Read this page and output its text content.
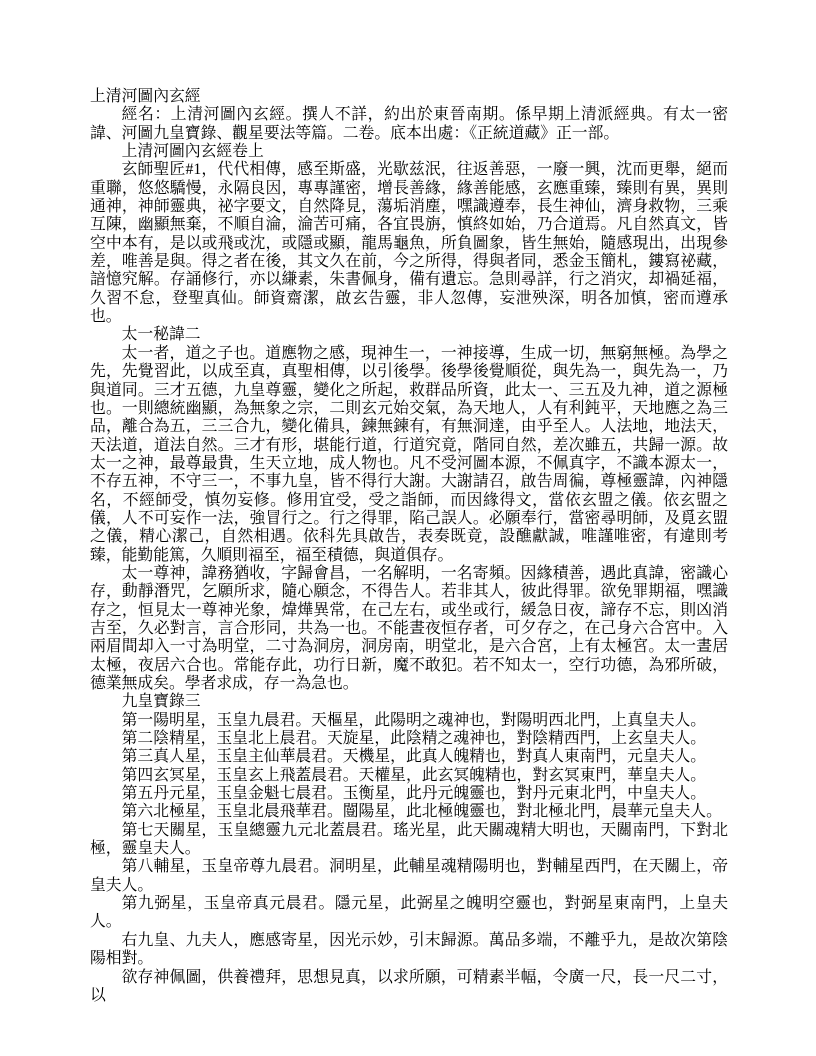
上清河圖內玄經

經名：上清河圖內玄經。撰人不詳，約出於東晉南期。係早期上清派經典。有太一密諱、河圖九皇寶錄、觀星要法等篇。二卷。底本出處：《正統道藏》正一部。

上清河圖內玄經卷上

玄師聖匠#1，代代相傳，感至斯盛，光歇兹泯，往返善惡，一廢一興，沈而更舉，絕而重聯，悠悠驕慢，永隔良因，專專謹密，增長善緣，緣善能感，玄應重臻，臻則有異，異則通神，神師靈典，祕字要文，自然降見，蕩垢消塵，嘿識遵奉，長生神仙，濟身救物，三乘互陳，幽顯無棄，不順自淪，淪苦可痛，各宜畏旃，慎終如始，乃合道焉。凡自然真文，皆空中本有，是以或飛或沈，或隱或顯，龍馬龜魚，所負圖象，皆生無始，隨感現出，出現參差，唯善是與。得之者在後，其文久在前，今之所得，得與者同，悉金玉簡札，鏤寫祕藏，諳憶究解。存誦修行，亦以縑素，朱書佩身，備有遺忘。急則尋詳，行之消灾，却禍延福，久習不怠，登聖真仙。師資齋潔，啟玄告靈，非人忽傳，妄泄殃深，明各加慎，密而遵承也。

太一秘諱二

太一者，道之子也。道應物之感，現神生一，一神接導，生成一切，無窮無極。為學之先，先覺習此，以成至真，真聖相傳，以引後學。後學後覺順從，與先為一，與先為一，乃與道同。三才五德，九皇尊靈，變化之所起，救群品所資，此太一、三五及九神，道之源極也。一則總統幽顯，為無象之宗，二則玄元始交氣，為天地人，人有利鈍平，天地應之為三品，離合為五，三三合九，變化備具，鍊無鍊有，有無洞達，由乎至人。人法地，地法天，天法道，道法自然。三才有形，堪能行道，行道究竟，階同自然，差次雖五，共歸一源。故太一之神，最尊最貴，生天立地，成人物也。凡不受河圖本源，不佩真字，不識本源太一，不存五神，不守三一，不事九皇，皆不得行大謝。大謝請召，啟告周徧，尊極靈諱，內神隱名，不經師受，慎勿妄修。修用宜受，受之詣師，而因緣得文，當依玄盟之儀。依玄盟之儀，人不可妄作一法，強冒行之。行之得罪，陷己誤人。必願奉行，當密尋明師，及覓玄盟之儀，精心潔己，自然相遇。依科先具啟告，表奏既竟，設醮獻誠，唯謹唯密，有違則考臻，能勤能篤，久順則福至，福至積德，與道俱存。

太一尊神，諱務猶收，字歸會昌，一名解明，一名寄頻。因緣積善，遇此真諱，密識心存，動靜潛咒，乞願所求，隨心願念，不得告人。若非其人，彼此得罪。欲免罪期福，嘿識存之，恒見太一尊神光象，煒燁異常，在己左右，或坐或行，緩急日夜，諦存不忘，則凶消吉至，久必對言，言合形同，共為一也。不能晝夜恒存者，可夕存之，在己身六合宮中。入兩眉間却入一寸為明堂，二寸為洞房，洞房南，明堂北，是六合宮，上有太極宮。太一晝居太極，夜居六合也。常能存此，功行日新，魔不敢犯。若不知太一，空行功德，為邪所破，德業無成矣。學者求成，存一為急也。

九皇寶錄三

第一陽明星，玉皇九晨君。天樞星，此陽明之魂神也，對陽明西北門，上真皇夫人。

第二陰精星，玉皇北上晨君。天旋星，此陰精之魂神也，對陰精西門，上玄皇夫人。

第三真人星，玉皇主仙華晨君。天機星，此真人魄精也，對真人東南門，元皇夫人。

第四玄冥星，玉皇玄上飛蓋晨君。天權星，此玄冥魄精也，對玄冥東門，華皇夫人。

第五丹元星，玉皇金魁七晨君。玉衡星，此丹元魄靈也，對丹元東北門，中皇夫人。

第六北極星，玉皇北晨飛華君。闓陽星，此北極魄靈也，對北極北門，晨華元皇夫人。

第七天關星，玉皇總靈九元北蓋晨君。瑤光星，此天關魂精大明也，天關南門，下對北極，靈皇夫人。

第八輔星，玉皇帝尊九晨君。洞明星，此輔星魂精陽明也，對輔星西門，在天關上，帝皇夫人。

第九弼星，玉皇帝真元晨君。隱元星，此弼星之魄明空靈也，對弼星東南門，上皇夫人。

右九皇、九夫人，應感寄星，因光示妙，引末歸源。萬品多端，不離乎九，是故次第陰陽相對。

欲存神佩圖，供養禮拜，思想見真，以求所願，可精素半幅，令廣一尺，長一尺二寸，以
